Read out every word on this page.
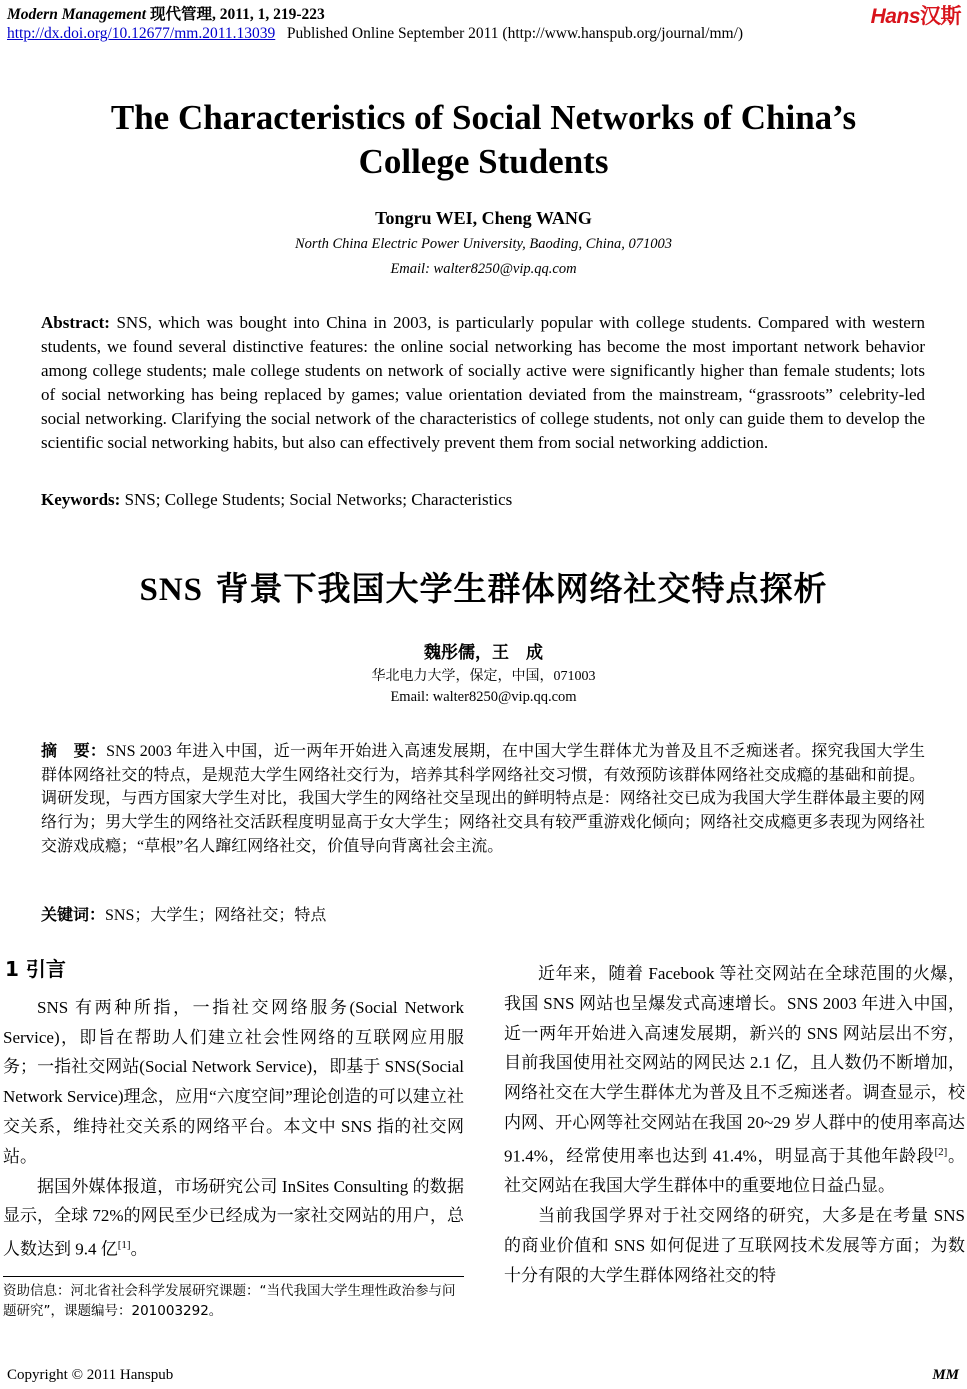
Modern Management 现代管理, 2011, 1, 219-223
http://dx.doi.org/10.12677/mm.2011.13039 Published Online September 2011 (http://www.hanspub.org/journal/mm/)
Hans汉斯
The Characteristics of Social Networks of China’s College Students
Tongru WEI, Cheng WANG
North China Electric Power University, Baoding, China, 071003
Email: walter8250@vip.qq.com
Abstract: SNS, which was bought into China in 2003, is particularly popular with college students. Compared with western students, we found several distinctive features: the online social networking has become the most important network behavior among college students; male college students on network of socially active were significantly higher than female students; lots of social networking has being replaced by games; value orientation deviated from the mainstream, “grassroots” celebrity-led social networking. Clarifying the social network of the characteristics of college students, not only can guide them to develop the scientific social networking habits, but also can effectively prevent them from social networking addiction.
Keywords: SNS; College Students; Social Networks; Characteristics
SNS 背景下我国大学生群体网络社交特点探析
魏彤儒，王　成
华北电力大学，保定，中国，071003
Email: walter8250@vip.qq.com
摘　要：SNS 2003 年进入中国，近一两年开始进入高速发展期，在中国大学生群体尤为普及且不乏痴迷者。探究我国大学生群体网络社交的特点，是规范大学生网络社交行为，培养其科学网络社交习惯，有效预防该群体网络社交成瘾的基础和前提。调研发现，与西方国家大学生对比，我国大学生的网络社交呈现出的鲜明特点是：网络社交已成为我国大学生群体最主要的网络行为；男大学生的网络社交活跃程度明显高于女大学生；网络社交具有较严重游戏化倾向；网络社交成瘾更多表现为网络社交游戏成瘾；“草根”名人蹿红网络社交，价值导向背离社会主流。
关键词：SNS；大学生；网络社交；特点
1 引言

SNS 有两种所指，一指社交网络服务(Social Network Service)，即旨在帮助人们建立社会性网络的互联网应用服务；一指社交网站(Social Network Service)，即基于 SNS(Social Network Service)理念，应用“六度空间”理论创造的可以建立社交关系，维持社交关系的网络平台。本文中 SNS 指的社交网站。

据国外媒体报道，市场研究公司 InSites Consulting 的数据显示，全球 72%的网民至少已经成为一家社交网站的用户，总人数达到 9.4 亿[1]。

近年来，随着 Facebook 等社交网站在全球范围的火爆，我国 SNS 网站也呈爆发式高速增长。SNS 2003 年进入中国，近一两年开始进入高速发展期，新兴的 SNS 网站层出不穷，目前我国使用社交网站的网民达 2.1 亿，且人数仍不断增加，网络社交在大学生群体尤为普及且不乏痴迷者。调查显示，校内网、开心网等社交网站在我国 20~29 岁人群中的使用率高达 91.4%，经常使用率也达到 41.4%，明显高于其他年龄段[2]。社交网站在我国大学生群体中的重要地位日益凸显。

当前我国学界对于社交网络的研究，大多是在考量 SNS 的商业价值和 SNS 如何促进了互联网技术发展等方面；为数十分有限的大学生群体网络社交的特

资助信息：河北省社会科学发展研究课题：“当代我国大学生理性政治参与问题研究”，课题编号：201003292。
Copyright © 2011 Hanspub	MM
